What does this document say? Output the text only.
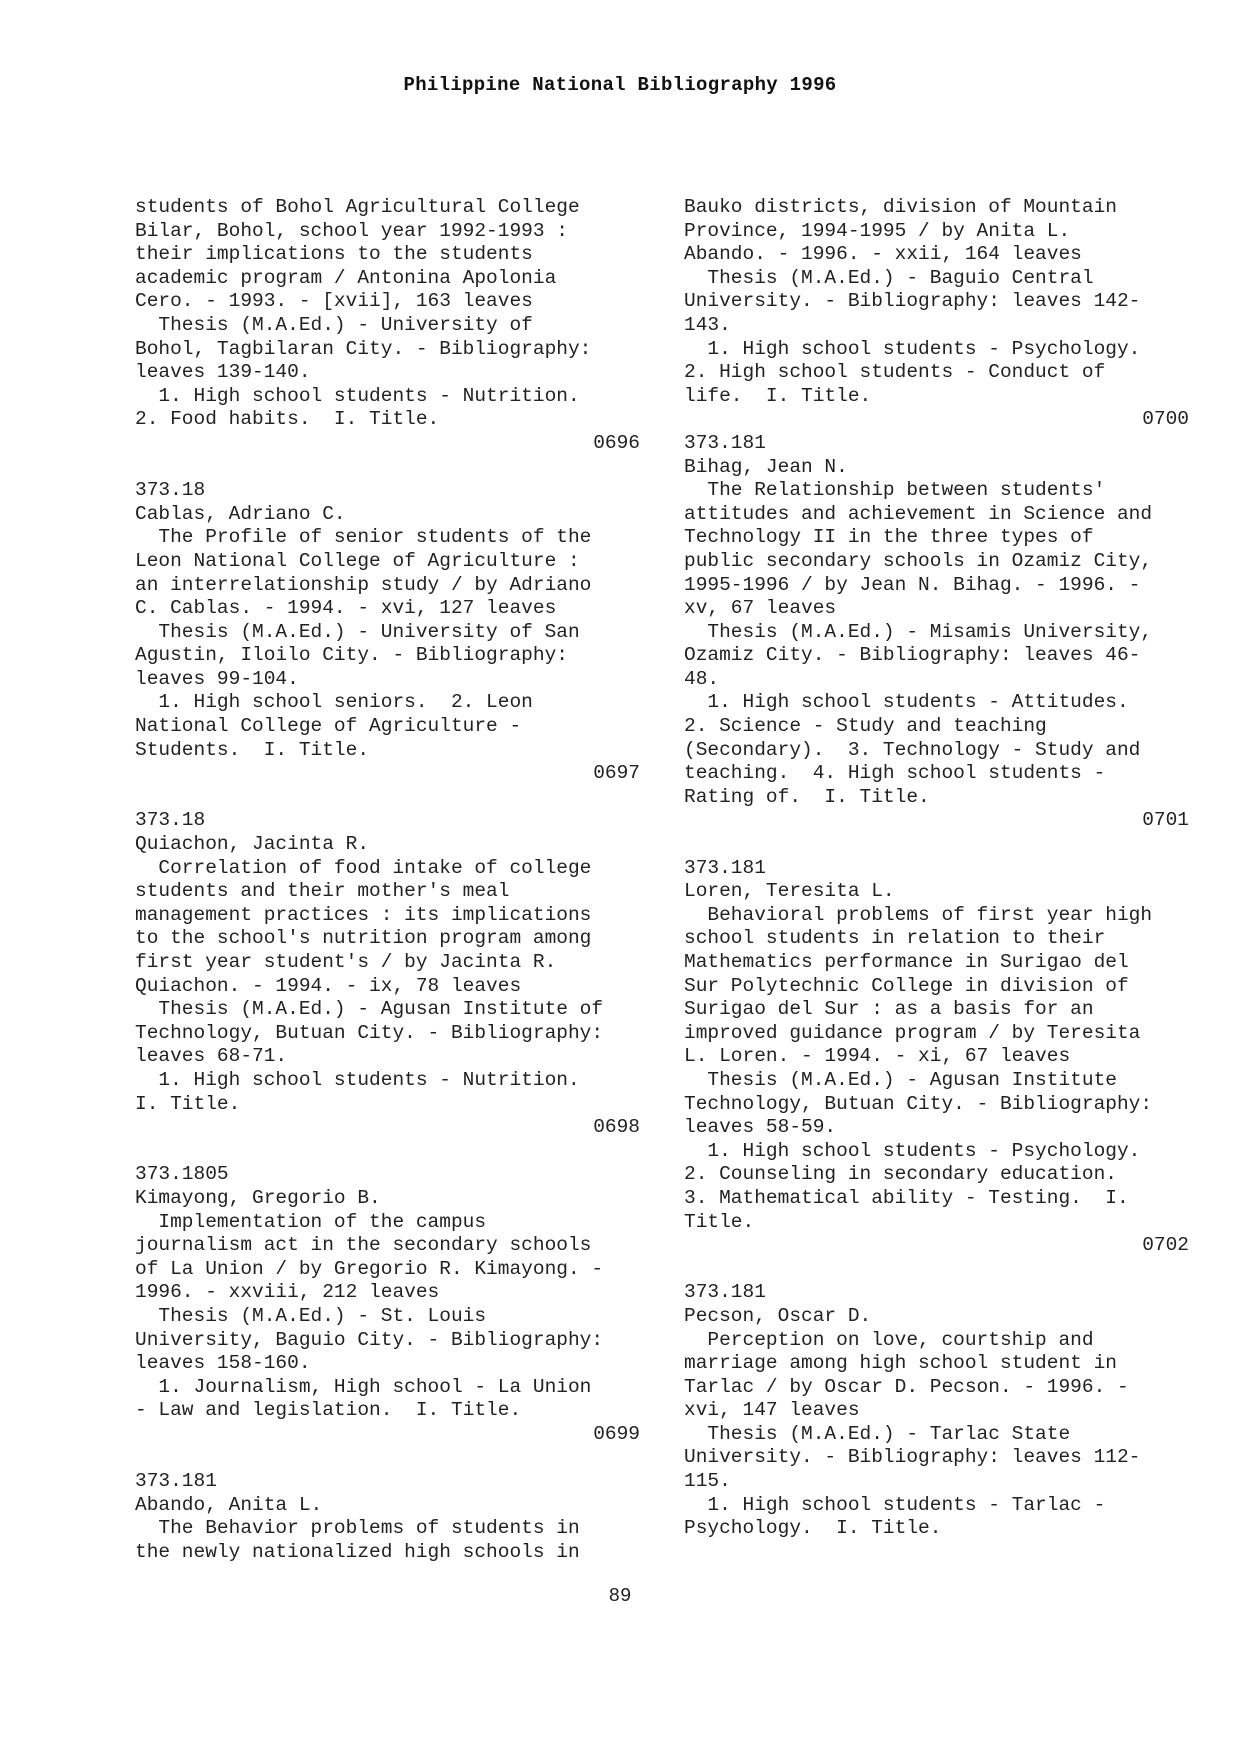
Philippine National Bibliography 1996
students of Bohol Agricultural College
Bilar, Bohol, school year 1992-1993 :
their implications to the students
academic program / Antonina Apolonia
Cero. - 1993. - [xvii], 163 leaves
Thesis (M.A.Ed.) - University of
Bohol, Tagbilaran City. - Bibliography:
leaves 139-140.
1. High school students - Nutrition.
2. Food habits.  I. Title.
0696
373.18
Cablas, Adriano C.
The Profile of senior students of the
Leon National College of Agriculture :
an interrelationship study / by Adriano
C. Cablas. - 1994. - xvi, 127 leaves
Thesis (M.A.Ed.) - University of San
Agustin, Iloilo City. - Bibliography:
leaves 99-104.
1. High school seniors.  2. Leon
National College of Agriculture -
Students.  I. Title.
0697
373.18
Quiachon, Jacinta R.
Correlation of food intake of college
students and their mother's meal
management practices : its implications
to the school's nutrition program among
first year student's / by Jacinta R.
Quiachon. - 1994. - ix, 78 leaves
Thesis (M.A.Ed.) - Agusan Institute of
Technology, Butuan City. - Bibliography:
leaves 68-71.
1. High school students - Nutrition.
I. Title.
0698
373.1805
Kimayong, Gregorio B.
Implementation of the campus
journalism act in the secondary schools
of La Union / by Gregorio R. Kimayong. -
1996. - xxviii, 212 leaves
Thesis (M.A.Ed.) - St. Louis
University, Baguio City. - Bibliography:
leaves 158-160.
1. Journalism, High school - La Union
- Law and legislation.  I. Title.
0699
373.181
Abando, Anita L.
The Behavior problems of students in
the newly nationalized high schools in
Bauko districts, division of Mountain
Province, 1994-1995 / by Anita L.
Abando. - 1996. - xxii, 164 leaves
Thesis (M.A.Ed.) - Baguio Central
University. - Bibliography: leaves 142-
143.
1. High school students - Psychology.
2. High school students - Conduct of
life.  I. Title.
0700
373.181
Bihag, Jean N.
The Relationship between students'
attitudes and achievement in Science and
Technology II in the three types of
public secondary schools in Ozamiz City,
1995-1996 / by Jean N. Bihag. - 1996. -
xv, 67 leaves
Thesis (M.A.Ed.) - Misamis University,
Ozamiz City. - Bibliography: leaves 46-
48.
1. High school students - Attitudes.
2. Science - Study and teaching
(Secondary).  3. Technology - Study and
teaching.  4. High school students -
Rating of.  I. Title.
0701
373.181
Loren, Teresita L.
Behavioral problems of first year high
school students in relation to their
Mathematics performance in Surigao del
Sur Polytechnic College in division of
Surigao del Sur : as a basis for an
improved guidance program / by Teresita
L. Loren. - 1994. - xi, 67 leaves
Thesis (M.A.Ed.) - Agusan Institute
Technology, Butuan City. - Bibliography:
leaves 58-59.
1. High school students - Psychology.
2. Counseling in secondary education.
3. Mathematical ability - Testing.  I.
Title.
0702
373.181
Pecson, Oscar D.
Perception on love, courtship and
marriage among high school student in
Tarlac / by Oscar D. Pecson. - 1996. -
xvi, 147 leaves
Thesis (M.A.Ed.) - Tarlac State
University. - Bibliography: leaves 112-
115.
1. High school students - Tarlac -
Psychology.  I. Title.
89
